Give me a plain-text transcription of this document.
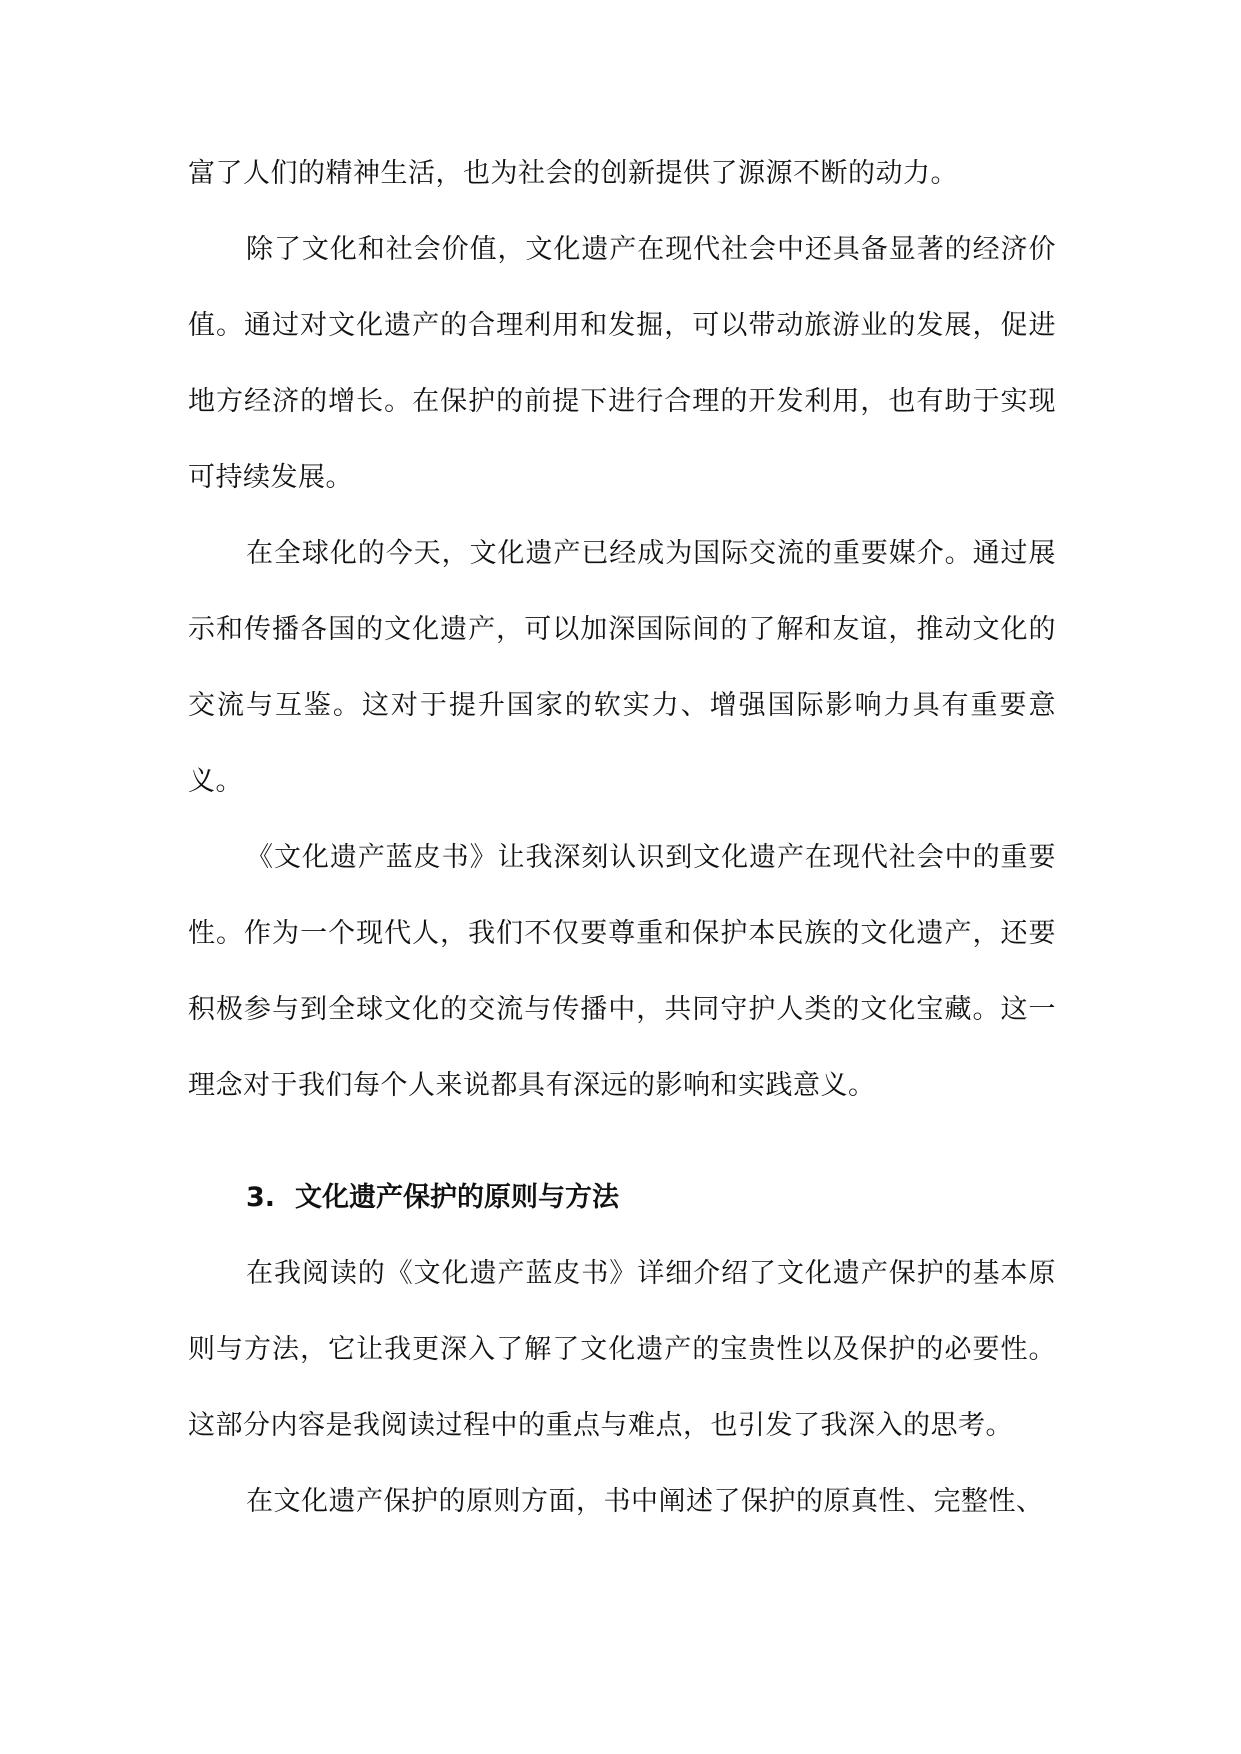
富了人们的精神生活，也为社会的创新提供了源源不断的动力。

除了文化和社会价值，文化遗产在现代社会中还具备显著的经济价值。通过对文化遗产的合理利用和发掘，可以带动旅游业的发展，促进地方经济的增长。在保护的前提下进行合理的开发利用，也有助于实现可持续发展。

在全球化的今天，文化遗产已经成为国际交流的重要媒介。通过展示和传播各国的文化遗产，可以加深国际间的了解和友谊，推动文化的交流与互鉴。这对于提升国家的软实力、增强国际影响力具有重要意义。

《文化遗产蓝皮书》让我深刻认识到文化遗产在现代社会中的重要性。作为一个现代人，我们不仅要尊重和保护本民族的文化遗产，还要积极参与到全球文化的交流与传播中，共同守护人类的文化宝藏。这一理念对于我们每个人来说都具有深远的影响和实践意义。

3. 文化遗产保护的原则与方法

在我阅读的《文化遗产蓝皮书》详细介绍了文化遗产保护的基本原则与方法，它让我更深入了解了文化遗产的宝贵性以及保护的必要性。这部分内容是我阅读过程中的重点与难点，也引发了我深入的思考。

在文化遗产保护的原则方面，书中阐述了保护的原真性、完整性、
